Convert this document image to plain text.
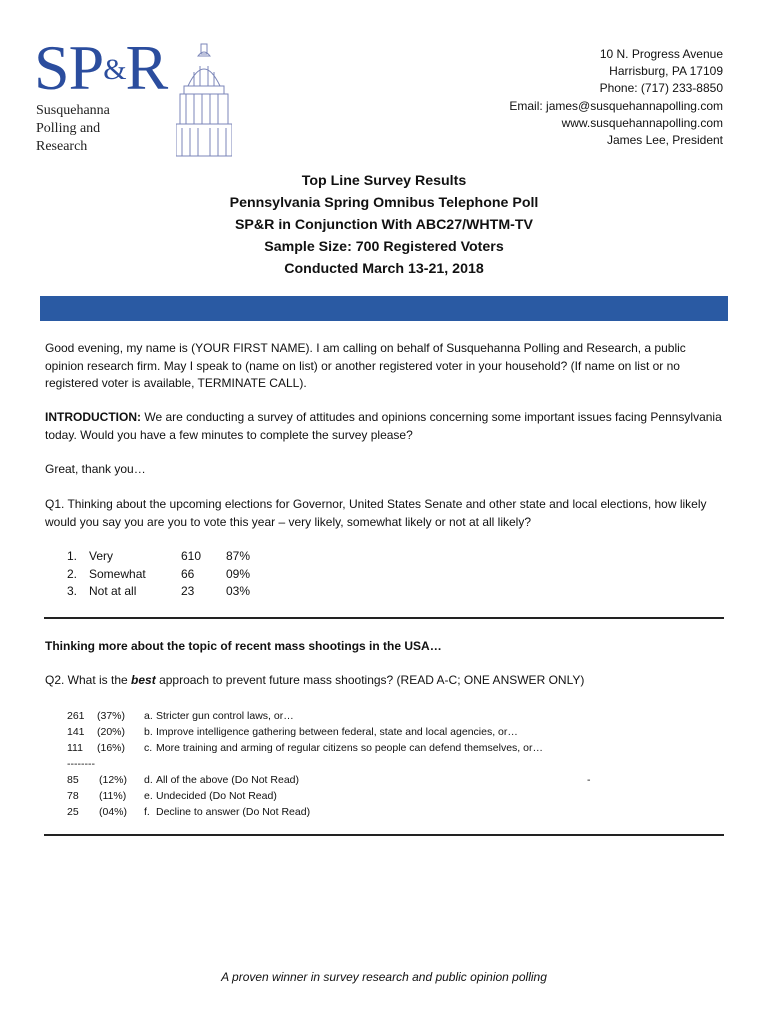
SP&R
Susquehanna
Polling and
Research
10 N. Progress Avenue
Harrisburg, PA 17109
Phone: (717) 233-8850
Email: james@susquehannapolling.com
www.susquehannapolling.com
James Lee, President
Top Line Survey Results
Pennsylvania Spring Omnibus Telephone Poll
SP&R in Conjunction With ABC27/WHTM-TV
Sample Size: 700 Registered Voters
Conducted March 13-21, 2018

Good evening, my name is (YOUR FIRST NAME). I am calling on behalf of Susquehanna Polling and Research, a public opinion research firm. May I speak to (name on list) or another registered voter in your household? (If name on list or no registered voter is available, TERMINATE CALL).

INTRODUCTION: We are conducting a survey of attitudes and opinions concerning some important issues facing Pennsylvania today. Would you have a few minutes to complete the survey please?

Great, thank you…

Q1. Thinking about the upcoming elections for Governor, United States Senate and other state and local elections, how likely would you say you are you to vote this year – very likely, somewhat likely or not at all likely?

1. Very	610 87%
2. Somewhat	66	09%
3. Not at all	23	03%

Thinking more about the topic of recent mass shootings in the USA…

Q2. What is the best approach to prevent future mass shootings? (READ A-C; ONE ANSWER ONLY)

261 (37%) a. Stricter gun control laws, or…
141 (20%) b. Improve intelligence gathering between federal, state and local agencies, or…
111 (16%) c. More training and arming of regular citizens so people can defend themselves, or…
--------
85 (12%) d. All of the above (Do Not Read)	-
78 (11%) e. Undecided (Do Not Read)
25 (04%) f. Decline to answer (Do Not Read)
A proven winner in survey research and public opinion polling
